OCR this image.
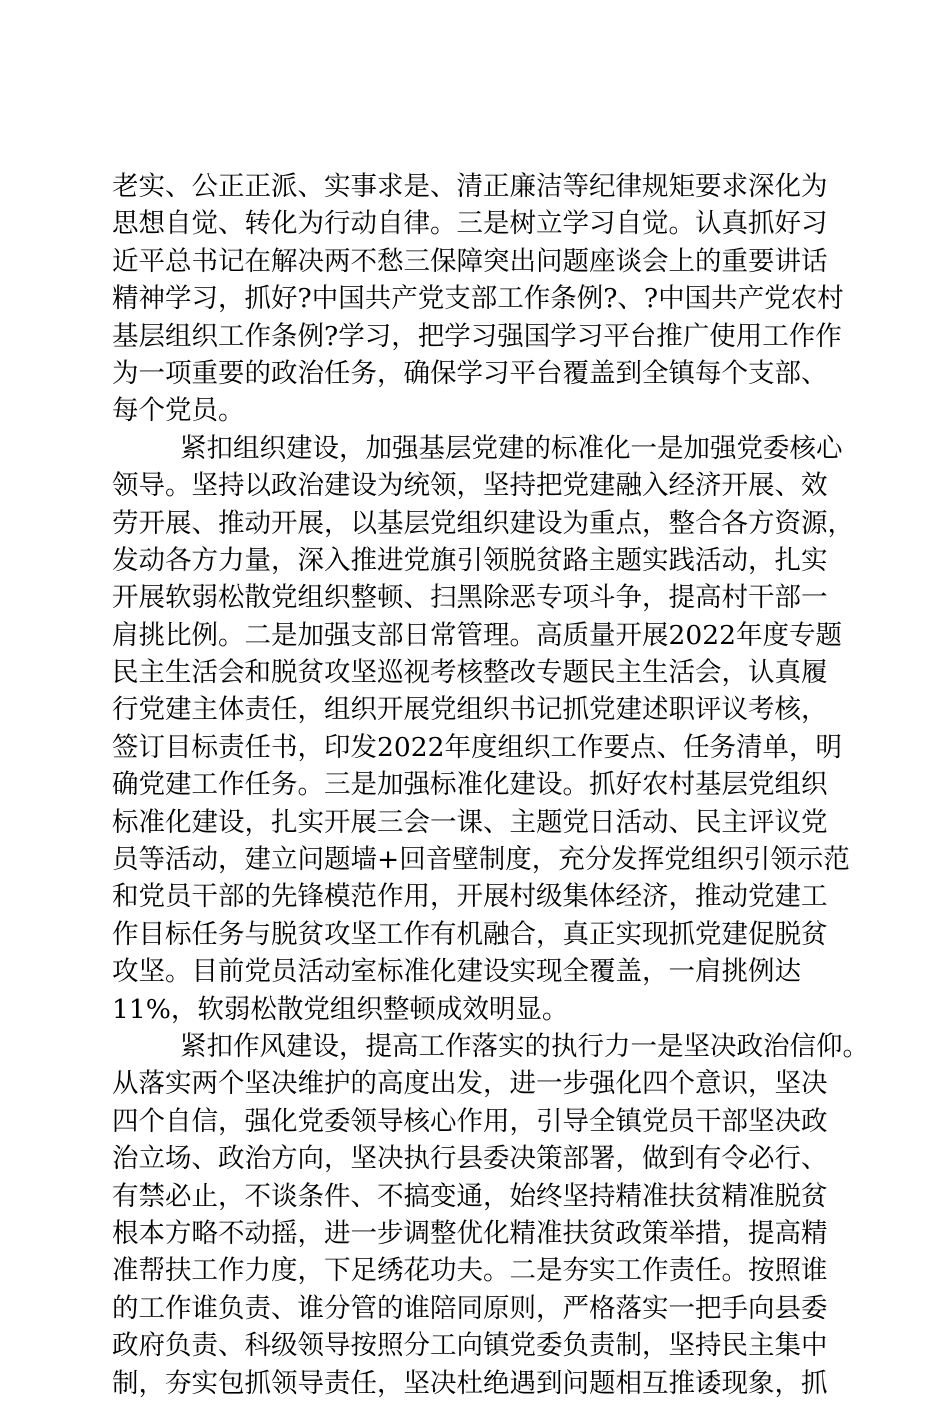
老实、公正正派、实事求是、清正廉洁等纪律规矩要求深化为
思想自觉、转化为行动自律。三是树立学习自觉。认真抓好习
近平总书记在解决两不愁三保障突出问题座谈会上的重要讲话
精神学习，抓好?中国共产党支部工作条例?、?中国共产党农村
基层组织工作条例?学习，把学习强国学习平台推广使用工作作
为一项重要的政治任务，确保学习平台覆盖到全镇每个支部、
每个党员。
紧扣组织建设，加强基层党建的标准化一是加强党委核心
领导。坚持以政治建设为统领，坚持把党建融入经济开展、效
劳开展、推动开展，以基层党组织建设为重点，整合各方资源，
发动各方力量，深入推进党旗引领脱贫路主题实践活动，扎实
开展软弱松散党组织整顿、扫黑除恶专项斗争，提高村干部一
肩挑比例。二是加强支部日常管理。高质量开展2022年度专题
民主生活会和脱贫攻坚巡视考核整改专题民主生活会，认真履
行党建主体责任，组织开展党组织书记抓党建述职评议考核，
签订目标责任书，印发2022年度组织工作要点、任务清单，明
确党建工作任务。三是加强标准化建设。抓好农村基层党组织
标准化建设，扎实开展三会一课、主题党日活动、民主评议党
员等活动，建立问题墙+回音壁制度，充分发挥党组织引领示范
和党员干部的先锋模范作用，开展村级集体经济，推动党建工
作目标任务与脱贫攻坚工作有机融合，真正实现抓党建促脱贫
攻坚。目前党员活动室标准化建设实现全覆盖，一肩挑例达
11%，软弱松散党组织整顿成效明显。
紧扣作风建设，提高工作落实的执行力一是坚决政治信仰。
从落实两个坚决维护的高度出发，进一步强化四个意识，坚决
四个自信，强化党委领导核心作用，引导全镇党员干部坚决政
治立场、政治方向，坚决执行县委决策部署，做到有令必行、
有禁必止，不谈条件、不搞变通，始终坚持精准扶贫精准脱贫
根本方略不动摇，进一步调整优化精准扶贫政策举措，提高精
准帮扶工作力度，下足绣花功夫。二是夯实工作责任。按照谁
的工作谁负责、谁分管的谁陪同原则，严格落实一把手向县委
政府负责、科级领导按照分工向镇党委负责制，坚持民主集中
制，夯实包抓领导责任，坚决杜绝遇到问题相互推诿现象，抓
